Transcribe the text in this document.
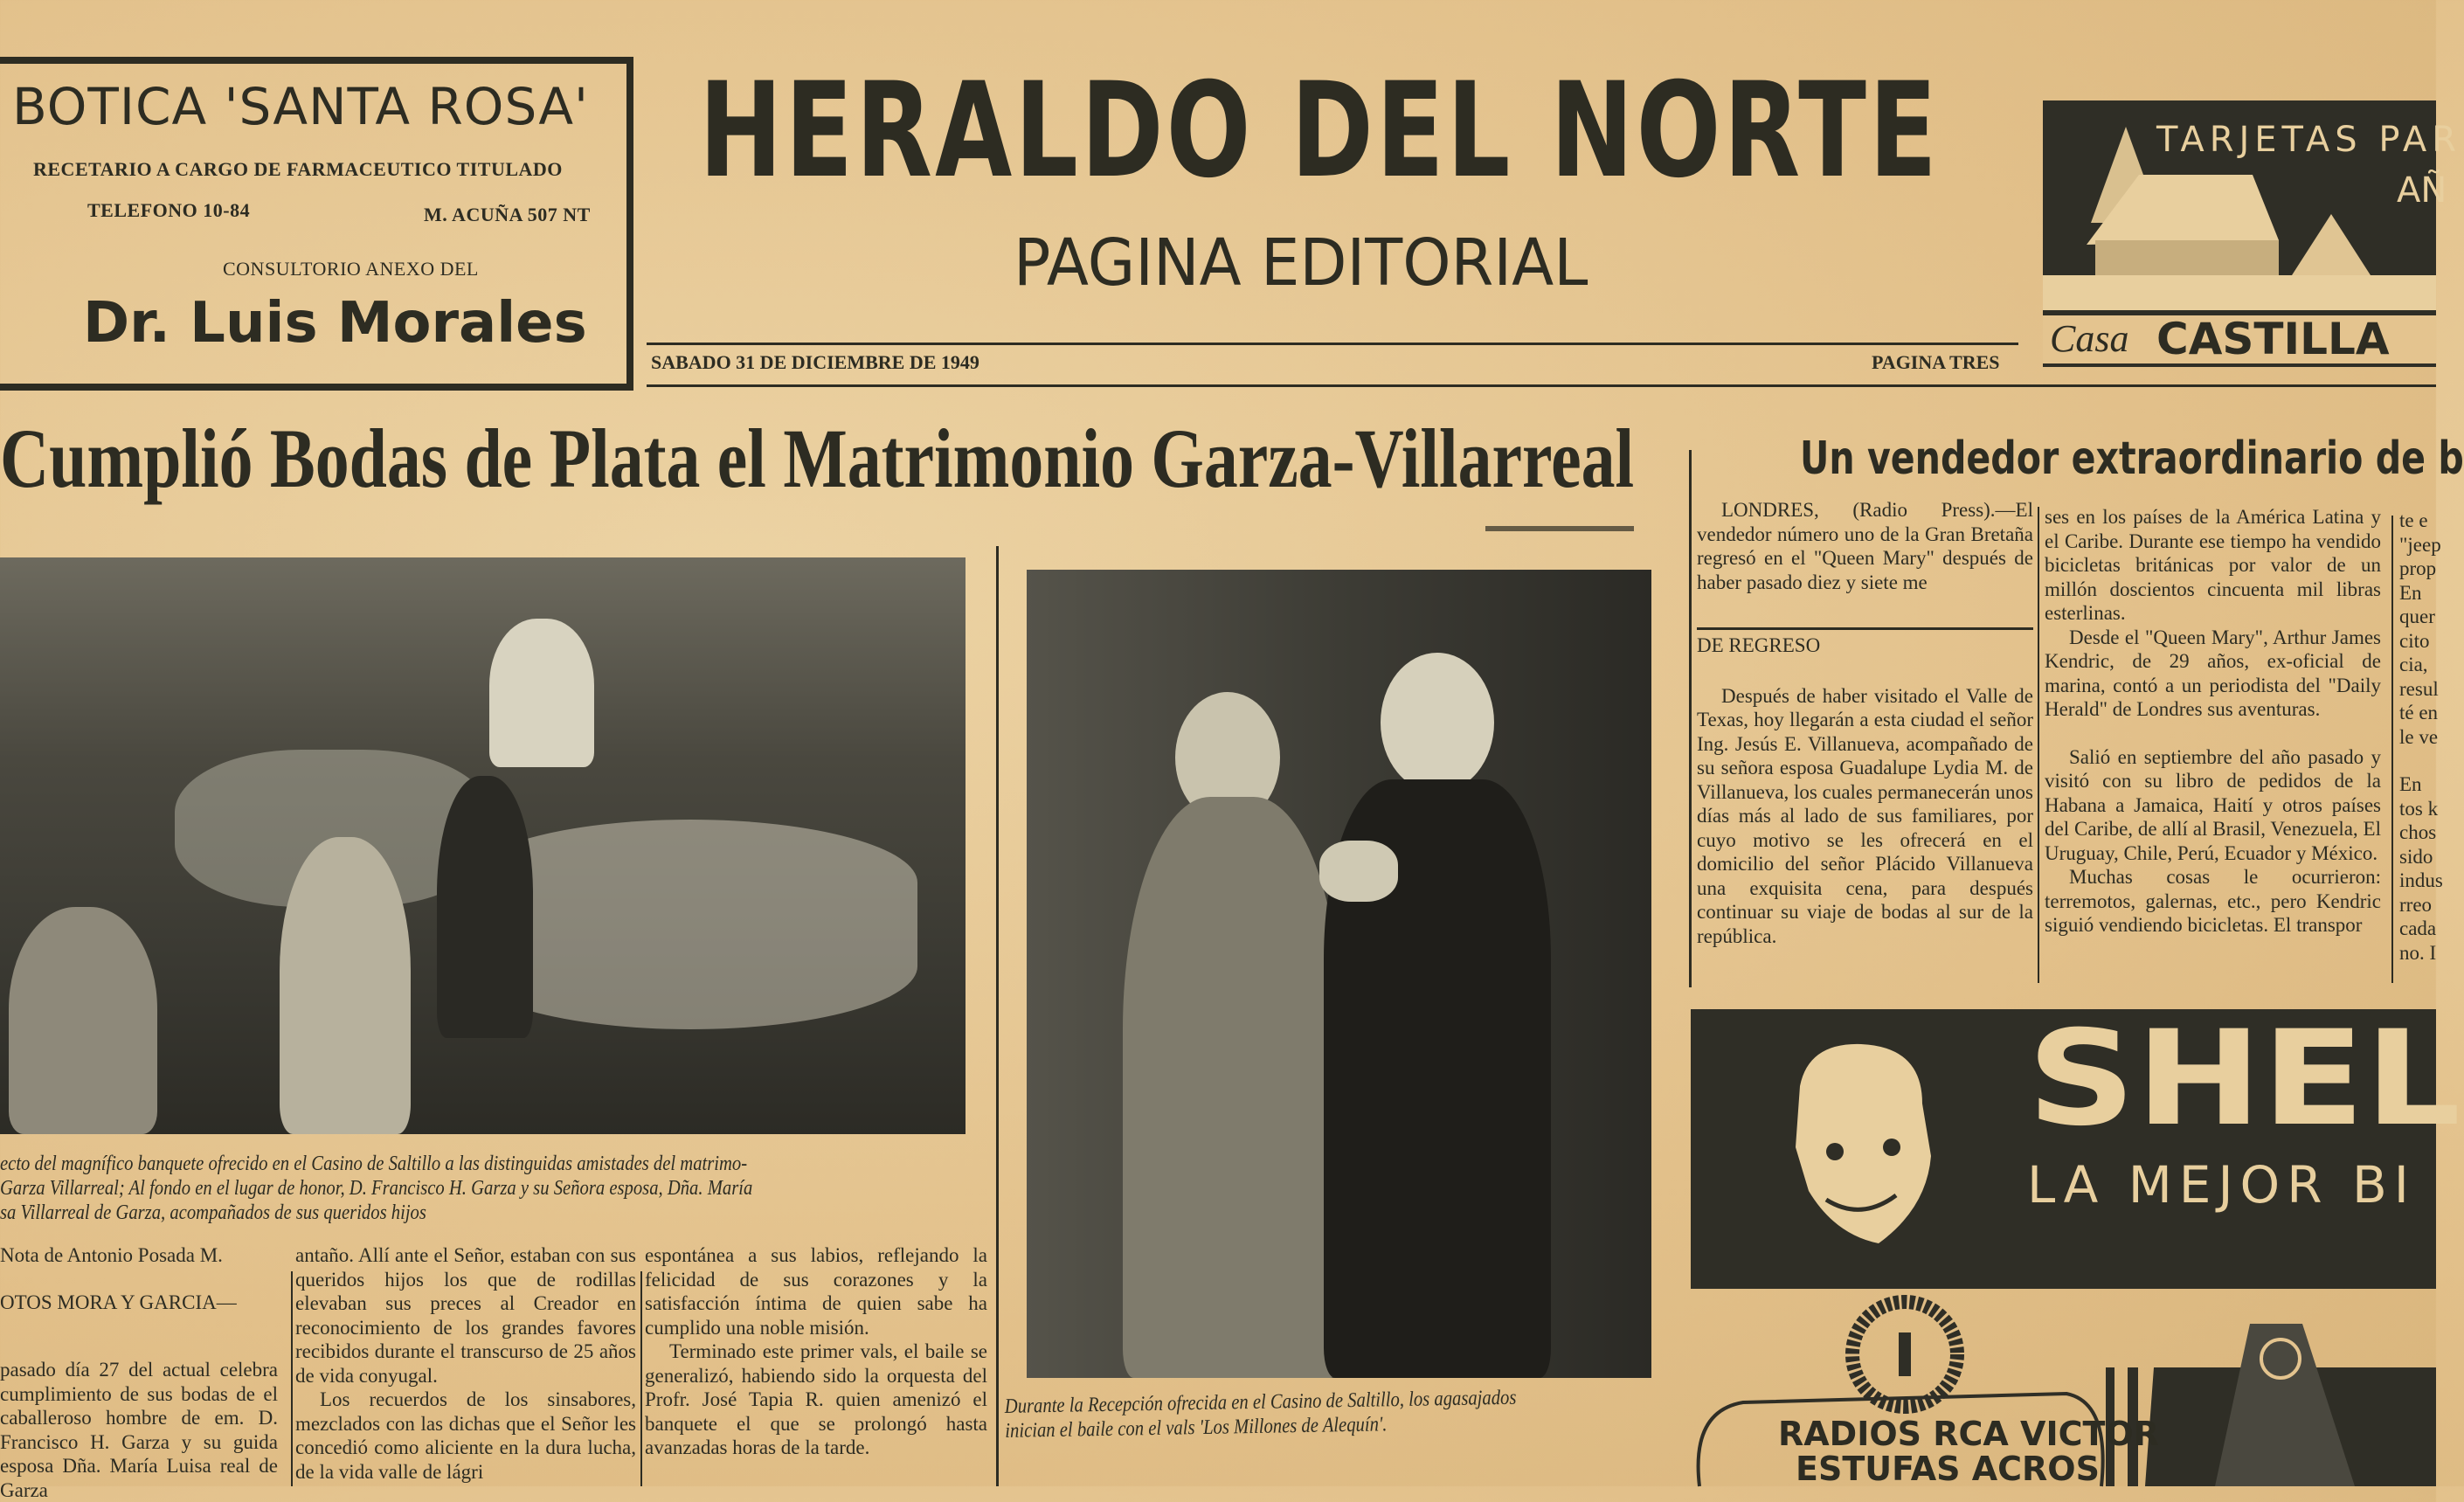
BOTICA 'SANTA ROSA'
RECETARIO A CARGO DE FARMACEUTICO TITULADO
TELEFONO 10-84	M. ACUÑA 507 NT
CONSULTORIO ANEXO DEL
Dr. Luis Morales
HERALDO DEL NORTE
PAGINA EDITORIAL
SABADO 31 DE DICIEMBRE DE 1949	PAGINA TRES
TARJETAS PAR
AÑ
Casa CASTILLA
Cumplió Bodas de Plata el Matrimonio Garza-Villarreal
ecto del magnífico banquete ofrecido en el Casino de Saltillo a las distinguidas amistades del matrimo-
Garza Villarreal; Al fondo en el lugar de honor, D. Francisco H. Garza y su Señora esposa, Dña. María
sa Villarreal de Garza, acompañados de sus queridos hijos

Nota de Antonio Posada M.

OTOS MORA Y GARCIA—

pasado día 27 del actual celebra cumplimiento de sus bodas de el caballeroso hombre de em. D. Francisco H. Garza y su guida esposa Dña. María Luisa real de Garza

antaño. Allí ante el Señor, estaban con sus queridos hijos los que de rodillas elevaban sus preces al Creador en reconocimiento de los grandes favores recibidos durante el transcurso de 25 años de vida conyugal.

Los recuerdos de los sinsabores, mezclados con las dichas que el Señor les concedió como aliciente en la dura lucha, de la vida valle de lágri

espontánea a sus labios, reflejando la felicidad de sus corazones y la satisfacción íntima de quien sabe ha cumplido una noble misión.

Terminado este primer vals, el baile se generalizó, habiendo sido la orquesta del Profr. José Tapia R. quien amenizó el banquete el que se prolongó hasta avanzadas horas de la tarde.

Durante la Recepción ofrecida en el Casino de Saltillo, los agasajados
inician el baile con el vals 'Los Millones de Alequín'.
Un vendedor extraordinario de b

LONDRES, (Radio Press).—El vendedor número uno de la Gran Bretaña regresó en el "Queen Mary" después de haber pasado diez y siete me

DE REGRESO

Después de haber visitado el Valle de Texas, hoy llegarán a esta ciudad el señor Ing. Jesús E. Villanueva, acompañado de su señora esposa Guadalupe Lydia M. de Villanueva, los cuales permanecerán unos días más al lado de sus familiares, por cuyo motivo se les ofrecerá en el domicilio del señor Plácido Villanueva una exquisita cena, para después continuar su viaje de bodas al sur de la república.

ses en los países de la América Latina y el Caribe. Durante ese tiempo ha vendido bicicletas británicas por valor de un millón doscientos cincuenta mil libras esterlinas.

Desde el "Queen Mary", Arthur James Kendric, de 29 años, ex-oficial de marina, contó a un periodista del "Daily Herald" de Londres sus aventuras.

Salió en septiembre del año pasado y visitó con su libro de pedidos de la Habana a Jamaica, Haití y otros países del Caribe, de allí al Brasil, Venezuela, El Uruguay, Chile, Perú, Ecuador y México.

Muchas cosas le ocurrieron: terremotos, galernas, etc., pero Kendric siguió vendiendo bicicletas. El transpor

te e
"jeep
prop
En
quer
cito
cia,
resul
té en
le ve
En
tos k
chos
sido
indus
rreo
cada
no. I
SHEL
LA MEJOR BI
RADIOS RCA VICTOR
ESTUFAS ACROS
